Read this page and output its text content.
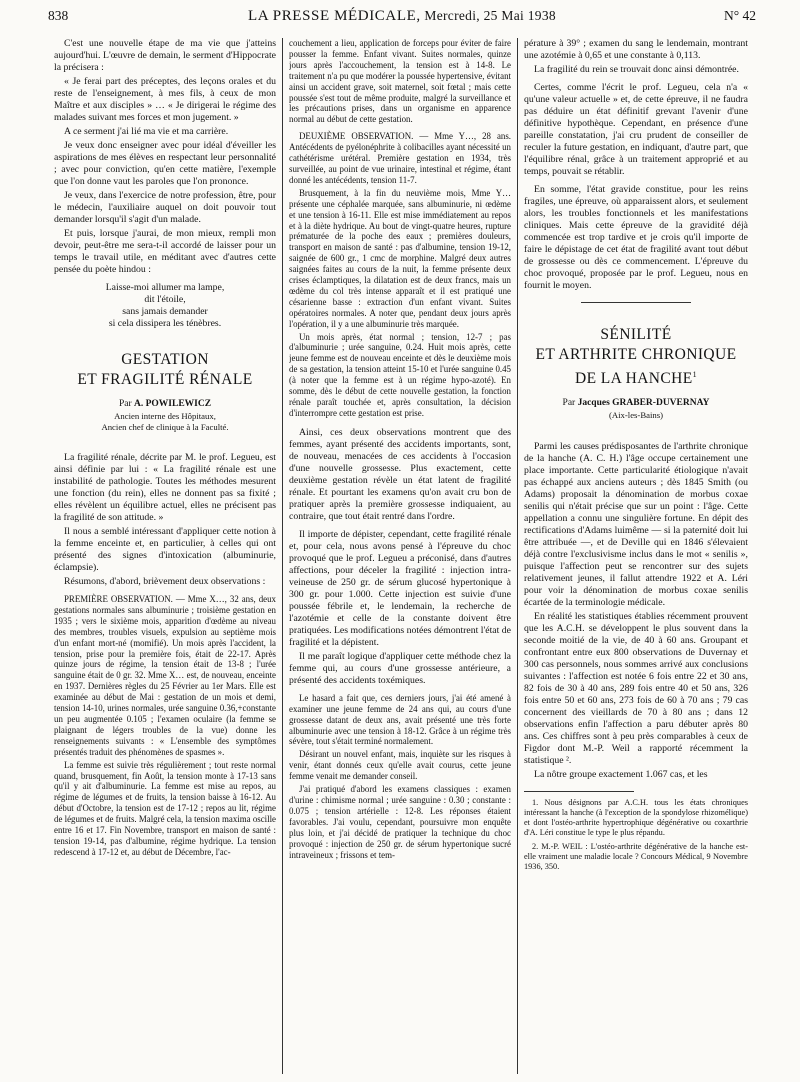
838	LA PRESSE MÉDICALE, Mercredi, 25 Mai 1938	N° 42

C'est une nouvelle étape de ma vie que j'atteins aujourd'hui. L'œuvre de demain, le serment d'Hippocrate la précisera :

« Je ferai part des préceptes, des leçons orales et du reste de l'enseignement, à mes fils, à ceux de mon Maître et aux disciples » … « Je dirigerai le régime des malades suivant mes forces et mon jugement. »

A ce serment j'ai lié ma vie et ma carrière.

Je veux donc enseigner avec pour idéal d'éveiller les aspirations de mes élèves en respectant leur personnalité ; avec pour conviction, qu'en cette matière, l'exemple que l'on donne vaut les paroles que l'on prononce.

Je veux, dans l'exercice de notre profession, être, pour le médecin, l'auxiliaire auquel on doit pouvoir tout demander lorsqu'il s'agit d'un malade.

Et puis, lorsque j'aurai, de mon mieux, rempli mon devoir, peut-être me sera-t-il accordé de laisser pour un temps le travail utile, en méditant avec d'autres cette pensée du poète hindou :

Laisse-moi allumer ma lampe,
dit l'étoile,
sans jamais demander
si cela dissipera les ténèbres.
GESTATION
ET FRAGILITÉ RÉNALE
Par A. POWILEWICZ
Ancien interne des Hôpitaux,
Ancien chef de clinique à la Faculté.

La fragilité rénale, décrite par M. le prof. Legueu, est ainsi définie par lui : « La fragilité rénale est une instabilité de pathologie. Toutes les méthodes mesurent une fonction (du rein), elles ne donnent pas sa fixité ; elles révèlent un équilibre actuel, elles ne précisent pas la fragilité de son attitude. »

Il nous a semblé intéressant d'appliquer cette notion à la femme enceinte et, en particulier, à celles qui ont présenté des signes d'intoxication (albuminurie, éclampsie).

Résumons, d'abord, brièvement deux observations :

PREMIÈRE OBSERVATION. — Mme X…, 32 ans, deux gestations normales sans albuminurie ; troisième gestation en 1935 ; vers le sixième mois, apparition d'œdème au niveau des membres, troubles visuels, expulsion au septième mois d'un enfant mort-né (momifié). Un mois après l'accident, la tension, prise pour la première fois, était de 22-17. Après quinze jours de régime, la tension était de 13-8 ; l'urée sanguine était de 0 gr. 32. Mme X… est, de nouveau, enceinte en 1937. Dernières règles du 25 Février au 1er Mars. Elle est examinée au début de Mai : gestation de un mois et demi, tension 14-10, urines normales, urée sanguine 0.36,+constante un peu augmentée 0.105 ; l'examen oculaire (la femme se plaignant de légers troubles de la vue) donne les renseignements suivants : « L'ensemble des symptômes présentés traduit des phénomènes de spasmes ».

La femme est suivie très régulièrement ; tout reste normal quand, brusquement, fin Août, la tension monte à 17-13 sans qu'il y ait d'albuminurie. La femme est mise au repos, au régime de légumes et de fruits, la tension baisse à 16-12. Au début d'Octobre, la tension est de 17-12 ; repos au lit, régime de légumes et de fruits. Malgré cela, la tension maxima oscille entre 16 et 17. Fin Novembre, transport en maison de santé : tension 19-14, pas d'albumine, régime hydrique. La tension redescend à 17-12 et, au début de Décembre, l'ac-

couchement a lieu, application de forceps pour éviter de faire pousser la femme. Enfant vivant. Suites normales, quinze jours après l'accouchement, la tension est à 14-8. Le traitement n'a pu que modérer la poussée hypertensive, évitant ainsi un accident grave, soit maternel, soit fœtal ; mais cette poussée s'est tout de même produite, malgré la surveillance et les précautions prises, dans un organisme en apparence normal au début de cette gestation.

DEUXIÈME OBSERVATION. — Mme Y…, 28 ans. Antécédents de pyélonéphrite à colibacilles ayant nécessité un cathétérisme urétéral. Première gestation en 1934, très surveillée, au point de vue urinaire, intestinal et régime, étant donné les antécédents, tension 11-7.

Brusquement, à la fin du neuvième mois, Mme Y… présente une céphalée marquée, sans albuminurie, ni œdème et une tension à 16-11. Elle est mise immédiatement au repos et à la diète hydrique. Au bout de vingt-quatre heures, rupture prématurée de la poche des eaux ; premières douleurs, transport en maison de santé : pas d'albumine, tension 19-12, saignée de 600 gr., 1 cmc de morphine. Malgré deux autres saignées faites au cours de la nuit, la femme présente deux crises éclamptiques, la dilatation est de deux francs, mais un œdème du col très intense apparaît et il est pratiqué une césarienne basse : extraction d'un enfant vivant. Suites opératoires normales. A noter que, pendant deux jours après l'opération, il y a une albuminurie très marquée.

Un mois après, état normal ; tension, 12-7 ; pas d'albuminurie ; urée sanguine, 0.24. Huit mois après, cette jeune femme est de nouveau enceinte et dès le deuxième mois de sa gestation, la tension atteint 15-10 et l'urée sanguine 0.45 (à noter que la femme est à un régime hypo-azoté). En somme, dès le début de cette nouvelle gestation, la fonction rénale paraît touchée et, après consultation, la décision d'interrompre cette gestation est prise.

Ainsi, ces deux observations montrent que des femmes, ayant présenté des accidents importants, sont, de nouveau, menacées de ces accidents à l'occasion d'une nouvelle grossesse. Plus exactement, cette deuxième gestation révèle un état latent de fragilité rénale. Et pourtant les examens qu'on avait cru bon de pratiquer après la première grossesse indiquaient, au contraire, que tout était rentré dans l'ordre.

Il importe de dépister, cependant, cette fragilité rénale et, pour cela, nous avons pensé à l'épreuve du choc provoqué que le prof. Legueu a préconisé, dans d'autres affections, pour déceler la fragilité : injection intra-veineuse de 250 gr. de sérum glucosé hypertonique à 300 gr. pour 1.000. Cette injection est suivie d'une poussée fébrile et, le lendemain, la recherche de l'azotémie et celle de la constante doivent être pratiquées. Les modifications notées démontrent l'état de fragilité et la dépistent.

Il me paraît logique d'appliquer cette méthode chez la femme qui, au cours d'une grossesse antérieure, a présenté des accidents toxémiques.

Le hasard a fait que, ces derniers jours, j'ai été amené à examiner une jeune femme de 24 ans qui, au cours d'une grossesse datant de deux ans, avait présenté une très forte albuminurie avec une tension à 18-12. Grâce à un régime très sévère, tout s'était terminé normalement.

Désirant un nouvel enfant, mais, inquiète sur les risques à venir, étant donnés ceux qu'elle avait courus, cette jeune femme venait me demander conseil.

J'ai pratiqué d'abord les examens classiques : examen d'urine : chimisme normal ; urée sanguine : 0.30 ; constante : 0.075 ; tension artérielle : 12-8. Les réponses étaient favorables. J'ai voulu, cependant, poursuivre mon enquête plus loin, et j'ai décidé de pratiquer la technique du choc provoqué : injection de 250 gr. de sérum hypertonique sucré intraveineux ; frissons et tem-

pérature à 39° ; examen du sang le lendemain, montrant une azotémie à 0,65 et une constante à 0,113.

La fragilité du rein se trouvait donc ainsi démontrée.

Certes, comme l'écrit le prof. Legueu, cela n'a « qu'une valeur actuelle » et, de cette épreuve, il ne faudra pas déduire un état définitif grevant l'avenir d'une définitive hypothèque. Cependant, en présence d'une pareille constatation, j'ai cru prudent de conseiller de reculer la future gestation, en indiquant, d'autre part, que l'équilibre rénal, grâce à un traitement approprié et au temps, pouvait se rétablir.

En somme, l'état gravide constitue, pour les reins fragiles, une épreuve, où apparaissent alors, et seulement alors, les troubles fonctionnels et les manifestations cliniques. Mais cette épreuve de la gravidité déjà commencée est trop tardive et je crois qu'il importe de faire le dépistage de cet état de fragilité avant tout début de grossesse ou dès ce commencement. L'épreuve du choc provoqué, proposée par le prof. Legueu, nous en fournit le moyen.

SÉNILITÉ
ET ARTHRITE CHRONIQUE
DE LA HANCHE$^1$
Par Jacques GRABER-DUVERNAY
(Aix-les-Bains)

Parmi les causes prédisposantes de l'arthrite chronique de la hanche (A. C. H.) l'âge occupe certainement une place importante. Cette particularité étiologique n'avait pas échappé aux anciens auteurs ; dès 1845 Smith (ou Adams) proposait la dénomination de morbus coxae senilis qui n'était précise que sur un point : l'âge. Cette appellation a connu une singulière fortune. En dépit des rectifications d'Adams luimême — si la paternité doit lui être attribuée —, et de Deville qui en 1846 s'élevaient déjà contre l'exclusivisme inclus dans le mot « senilis », puisque l'affection peut se rencontrer sur des sujets relativement jeunes, il fallut attendre 1922 et A. Léri pour voir la dénomination de morbus coxae senilis écartée de la terminologie médicale.

En réalité les statistiques établies récemment prouvent que les A.C.H. se développent le plus souvent dans la seconde moitié de la vie, de 40 à 60 ans. Groupant et confrontant entre eux 800 observations de Duvernay et 300 cas personnels, nous sommes arrivé aux conclusions suivantes : l'affection est notée 6 fois entre 22 et 30 ans, 82 fois de 30 à 40 ans, 289 fois entre 40 et 50 ans, 326 fois entre 50 et 60 ans, 273 fois de 60 à 70 ans ; 79 cas concernent des vieillards de 70 à 80 ans ; dans 12 observations enfin l'affection a paru débuter après 80 ans. Ces chiffres sont à peu près comparables à ceux de Figdor dont M.-P. Weil a rapporté récemment la statistique ².

La nôtre groupe exactement 1.067 cas, et les

1. Nous désignons par A.C.H. tous les états chroniques intéressant la hanche (à l'exception de la spondylose rhizomélique) et dont l'ostéo-arthrite hypertrophique dégénérative ou coxarthrie d'A. Léri constitue le type le plus répandu.

2. M.-P. WEIL : L'ostéo-arthrite dégénérative de la hanche est-elle vraiment une maladie locale ? Concours Médical, 9 Novembre 1936, 350.
